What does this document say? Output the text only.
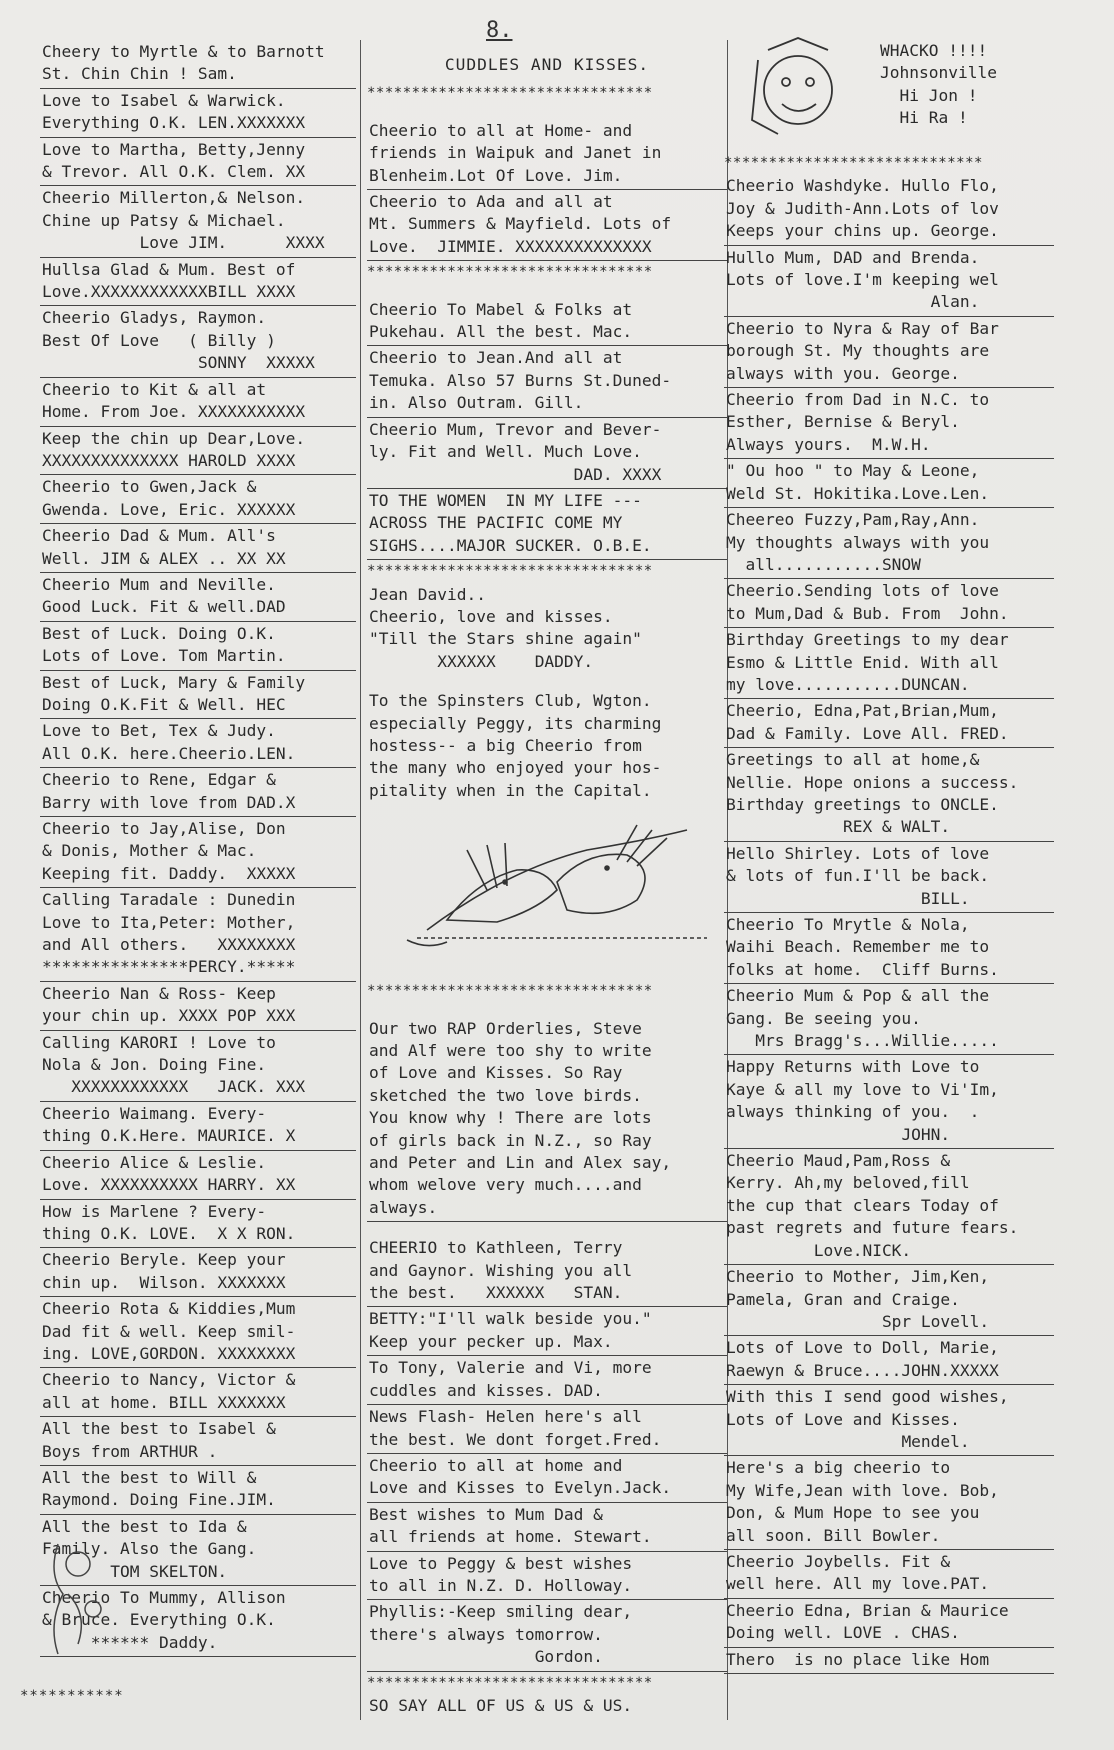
8.
Cheery to Myrtle & to Barnott
St. Chin Chin ! Sam.
Love to Isabel & Warwick.
Everything O.K. LEN.XXXXXXX
Love to Martha, Betty,Jenny
& Trevor. All O.K. Clem. XX
Cheerio Millerton,& Nelson.
Chine up Patsy & Michael.
Love JIM.      XXXX
Hullsa Glad & Mum. Best of
Love.XXXXXXXXXXXXBILL XXXX
Cheerio Gladys, Raymon.
Best Of Love   ( Billy )
SONNY  XXXXX
Cheerio to Kit & all at
Home. From Joe. XXXXXXXXXXX
Keep the chin up Dear,Love.
XXXXXXXXXXXXXX HAROLD XXXX
Cheerio to Gwen,Jack &
Gwenda. Love, Eric. XXXXXX
Cheerio Dad & Mum. All's
Well. JIM & ALEX .. XX XX
Cheerio Mum and Neville.
Good Luck. Fit & well.DAD
Best of Luck. Doing O.K.
Lots of Love. Tom Martin.
Best of Luck, Mary & Family
Doing O.K.Fit & Well. HEC
Love to Bet, Tex & Judy.
All O.K. here.Cheerio.LEN.
Cheerio to Rene, Edgar &
Barry with love from DAD.X
Cheerio to Jay,Alise, Don
& Donis, Mother & Mac.
Keeping fit. Daddy.  XXXXX
Calling Taradale : Dunedin
Love to Ita,Peter: Mother,
and All others.   XXXXXXXX
***************PERCY.*****
Cheerio Nan & Ross- Keep
your chin up. XXXX POP XXX
Calling KARORI ! Love to
Nola & Jon. Doing Fine.
XXXXXXXXXXXX   JACK. XXX
Cheerio Waimang. Every-
thing O.K.Here. MAURICE. X
Cheerio Alice & Leslie.
Love. XXXXXXXXXX HARRY. XX
How is Marlene ? Every-
thing O.K. LOVE.  X X RON.
Cheerio Beryle. Keep your
chin up.  Wilson. XXXXXXX
Cheerio Rota & Kiddies,Mum
Dad fit & well. Keep smil-
ing. LOVE,GORDON. XXXXXXXX
Cheerio to Nancy, Victor &
all at home. BILL XXXXXXX
All the best to Isabel &
Boys from ARTHUR .
All the best to Will &
Raymond. Doing Fine.JIM.
All the best to Ida &
Family. Also the Gang.
TOM SKELTON.
Cheerio To Mummy, Allison
& Bruce. Everything O.K.
****** Daddy.
CUDDLES AND KISSES.
********************************
Cheerio to all at Home- and
friends in Waipuk and Janet in
Blenheim.Lot Of Love. Jim.
Cheerio to Ada and all at
Mt. Summers & Mayfield. Lots of
Love.  JIMMIE. XXXXXXXXXXXXXX
********************************
Cheerio To Mabel & Folks at
Pukehau. All the best. Mac.
Cheerio to Jean.And all at
Temuka. Also 57 Burns St.Duned-
in. Also Outram. Gill.
Cheerio Mum, Trevor and Bever-
ly. Fit and Well. Much Love.
DAD. XXXX
TO THE WOMEN  IN MY LIFE ---
ACROSS THE PACIFIC COME MY
SIGHS....MAJOR SUCKER. O.B.E.
********************************
Jean David..
Cheerio, love and kisses.
"Till the Stars shine again"
XXXXXX    DADDY.
To the Spinsters Club, Wgton.
especially Peggy, its charming
hostess-- a big Cheerio from
the many who enjoyed your hos-
pitality when in the Capital.
********************************
Our two RAP Orderlies, Steve
and Alf were too shy to write
of Love and Kisses. So Ray
sketched the two love birds.
You know why ! There are lots
of girls back in N.Z., so Ray
and Peter and Lin and Alex say,
whom welove very much....and
always.
CHEERIO to Kathleen, Terry
and Gaynor. Wishing you all
the best.   XXXXXX   STAN.
BETTY:"I'll walk beside you."
Keep your pecker up. Max.
To Tony, Valerie and Vi, more
cuddles and kisses. DAD.
News Flash- Helen here's all
the best. We dont forget.Fred.
Cheerio to all at home and
Love and Kisses to Evelyn.Jack.
Best wishes to Mum Dad &
all friends at home. Stewart.
Love to Peggy & best wishes
to all in N.Z. D. Holloway.
Phyllis:-Keep smiling dear,
there's always tomorrow.
Gordon.
********************************
SO SAY ALL OF US & US & US.
WHACKO !!!!
Johnsonville
Hi Jon !
Hi Ra !
*****************************
Cheerio Washdyke. Hullo Flo,
Joy & Judith-Ann.Lots of lov
Keeps your chins up. George.
Hullo Mum, DAD and Brenda.
Lots of love.I'm keeping wel
Alan.
Cheerio to Nyra & Ray of Bar
borough St. My thoughts are
always with you. George.
Cheerio from Dad in N.C. to
Esther, Bernise & Beryl.
Always yours.  M.W.H.
" Ou hoo " to May & Leone,
Weld St. Hokitika.Love.Len.
Cheereo Fuzzy,Pam,Ray,Ann.
My thoughts always with you
all...........SNOW
Cheerio.Sending lots of love
to Mum,Dad & Bub. From  John.
Birthday Greetings to my dear
Esmo & Little Enid. With all
my love...........DUNCAN.
Cheerio, Edna,Pat,Brian,Mum,
Dad & Family. Love All. FRED.
Greetings to all at home,&
Nellie. Hope onions a success.
Birthday greetings to ONCLE.
REX & WALT.
Hello Shirley. Lots of love
& lots of fun.I'll be back.
BILL.
Cheerio To Mrytle & Nola,
Waihi Beach. Remember me to
folks at home.  Cliff Burns.
Cheerio Mum & Pop & all the
Gang. Be seeing you.
Mrs Bragg's...Willie.....
Happy Returns with Love to
Kaye & all my love to Vi'Im,
always thinking of you.  .
JOHN.
Cheerio Maud,Pam,Ross &
Kerry. Ah,my beloved,fill
the cup that clears Today of
past regrets and future fears.
Love.NICK.
Cheerio to Mother, Jim,Ken,
Pamela, Gran and Craige.
Spr Lovell.
Lots of Love to Doll, Marie,
Raewyn & Bruce....JOHN.XXXXX
With this I send good wishes,
Lots of Love and Kisses.
Mendel.
Here's a big cheerio to
My Wife,Jean with love. Bob,
Don, & Mum Hope to see you
all soon. Bill Bowler.
Cheerio Joybells. Fit &
well here. All my love.PAT.
Cheerio Edna, Brian & Maurice
Doing well. LOVE . CHAS.
Thero  is no place like Hom
***********
